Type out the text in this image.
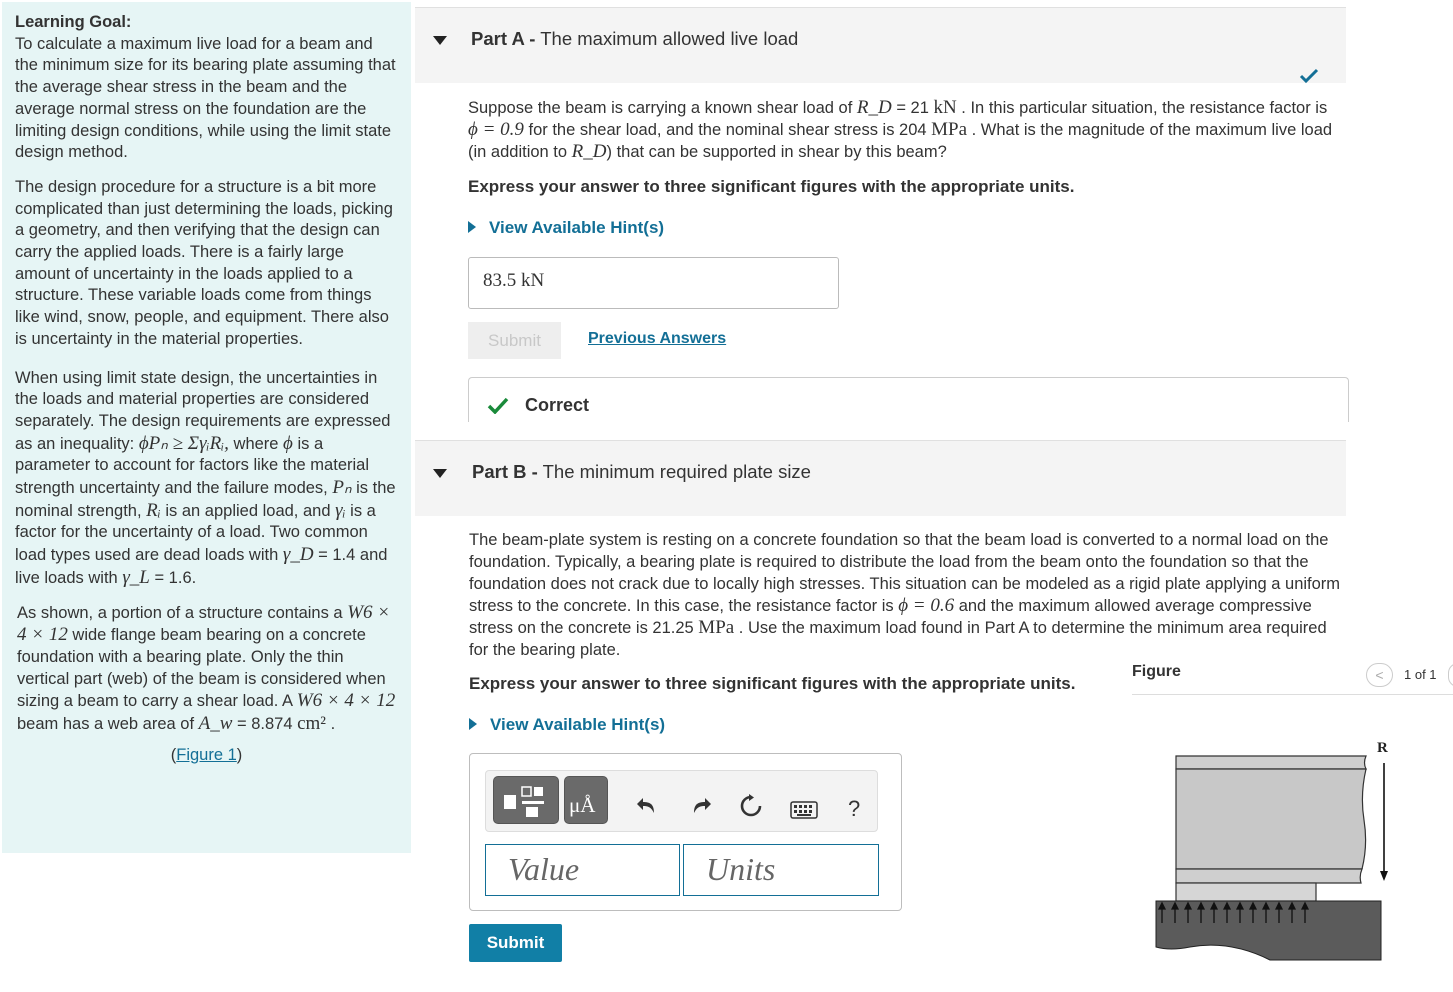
Learning Goal:
To calculate a maximum live load for a beam and the minimum size for its bearing plate assuming that the average shear stress in the beam and the average normal stress on the foundation are the limiting design conditions, while using the limit state design method.

The design procedure for a structure is a bit more complicated than just determining the loads, picking a geometry, and then verifying that the design can carry the applied loads. There is a fairly large amount of uncertainty in the loads applied to a structure. These variable loads come from things like wind, snow, people, and equipment. There also is uncertainty in the material properties.

When using limit state design, the uncertainties in the loads and material properties are considered separately. The design requirements are expressed as an inequality: ϕPₙ ≥ ΣγᵢRᵢ, where ϕ is a parameter to account for factors like the material strength uncertainty and the failure modes, Pₙ is the nominal strength, Rᵢ is an applied load, and γᵢ is a factor for the uncertainty of a load. Two common load types used are dead loads with γ_D = 1.4 and live loads with γ_L = 1.6.

As shown, a portion of a structure contains a W6 × 4 × 12 wide flange beam bearing on a concrete foundation with a bearing plate. Only the thin vertical part (web) of the beam is considered when sizing a beam to carry a shear load. A W6 × 4 × 12 beam has a web area of A_w = 8.874 cm² .

(Figure 1)
Part A - The maximum allowed live load

Suppose the beam is carrying a known shear load of R_D = 21 kN . In this particular situation, the resistance factor is ϕ = 0.9 for the shear load, and the nominal shear stress is 204 MPa . What is the magnitude of the maximum live load (in addition to R_D) that can be supported in shear by this beam?

Express your answer to three significant figures with the appropriate units.

View Available Hint(s)
83.5 kN
Submit	Previous Answers
Correct
Part B - The minimum required plate size

The beam-plate system is resting on a concrete foundation so that the beam load is converted to a normal load on the foundation. Typically, a bearing plate is required to distribute the load from the beam onto the foundation so that the foundation does not crack due to locally high stresses. This situation can be modeled as a rigid plate applying a uniform stress to the concrete. In this case, the resistance factor is ϕ = 0.6 and the maximum allowed average compressive stress on the concrete is 21.25 MPa . Use the maximum load found in Part A to determine the minimum area required for the bearing plate.

Express your answer to three significant figures with the appropriate units.

View Available Hint(s)
μÅ	?
Value	Units
Submit
Figure	<	1 of 1
R
